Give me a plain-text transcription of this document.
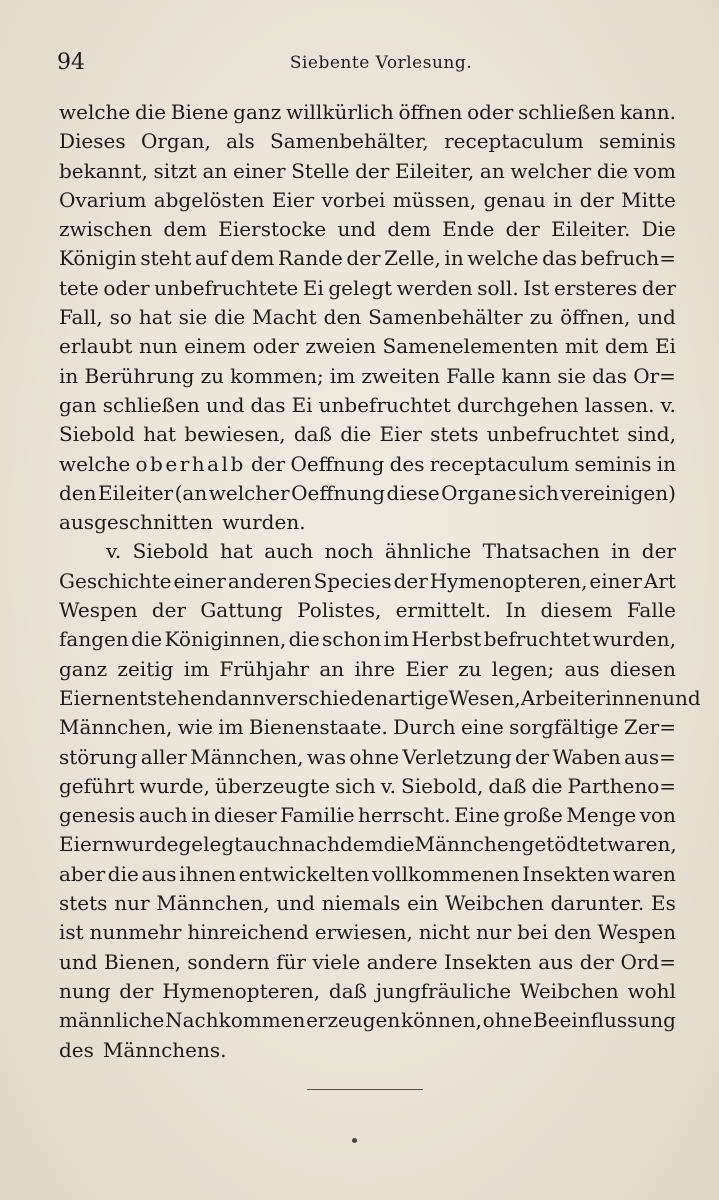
94	Siebente Vorlesung.
welche die Biene ganz willkürlich öffnen oder schließen kann.
Dieses Organ, als Samenbehälter, receptaculum seminis
bekannt, sitzt an einer Stelle der Eileiter, an welcher die vom
Ovarium abgelösten Eier vorbei müssen, genau in der Mitte
zwischen dem Eierstocke und dem Ende der Eileiter. Die
Königin steht auf dem Rande der Zelle, in welche das befruch=
tete oder unbefruchtete Ei gelegt werden soll. Ist ersteres der
Fall, so hat sie die Macht den Samenbehälter zu öffnen, und
erlaubt nun einem oder zweien Samenelementen mit dem Ei
in Berührung zu kommen; im zweiten Falle kann sie das Or=
gan schließen und das Ei unbefruchtet durchgehen lassen. v.
Siebold hat bewiesen, daß die Eier stets unbefruchtet sind,
welche oberhalb der Oeffnung des receptaculum seminis in
den Eileiter (an welcher Oeffnung diese Organe sich vereinigen)
ausgeschnitten wurden.
v. Siebold hat auch noch ähnliche Thatsachen in der
Geschichte einer anderen Species der Hymenopteren, einer Art
Wespen der Gattung Polistes, ermittelt. In diesem Falle
fangen die Königinnen, die schon im Herbst befruchtet wurden,
ganz zeitig im Frühjahr an ihre Eier zu legen; aus diesen
Eiern entstehen dann verschiedenartige Wesen, Arbeiterinnen und
Männchen, wie im Bienenstaate. Durch eine sorgfältige Zer=
störung aller Männchen, was ohne Verletzung der Waben aus=
geführt wurde, überzeugte sich v. Siebold, daß die Partheno=
genesis auch in dieser Familie herrscht. Eine große Menge von
Eiern wurde gelegt auch nachdem die Männchen getödtet waren,
aber die aus ihnen entwickelten vollkommenen Insekten waren
stets nur Männchen, und niemals ein Weibchen darunter. Es
ist nunmehr hinreichend erwiesen, nicht nur bei den Wespen
und Bienen, sondern für viele andere Insekten aus der Ord=
nung der Hymenopteren, daß jungfräuliche Weibchen wohl
männliche Nachkommen erzeugen können, ohne Beeinflussung
des Männchens.
